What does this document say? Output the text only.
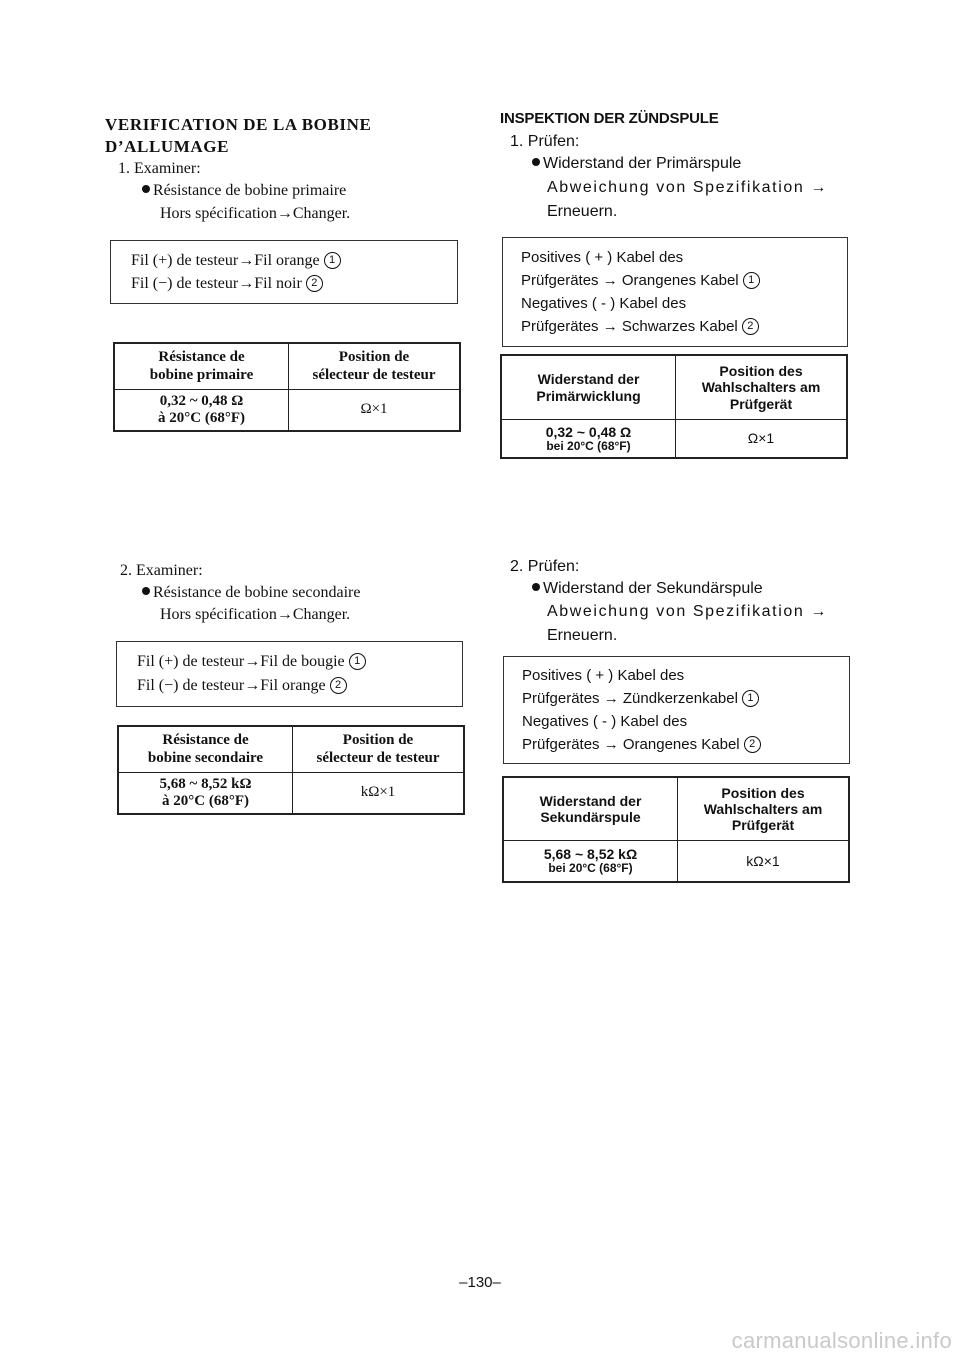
VERIFICATION DE LA BOBINE
D’ALLUMAGE
1. Examiner:
Résistance de bobine primaire
Hors spécification→Changer.
Fil (+) de testeur→Fil orange 1
Fil (−) de testeur→Fil noir 2
Résistance de
bobine primaire
Position de
sélecteur de testeur
0,32 ~ 0,48 Ω
à 20°C (68°F)
Ω×1
2. Examiner:
Résistance de bobine secondaire
Hors spécification→Changer.
Fil (+) de testeur→Fil de bougie 1
Fil (−) de testeur→Fil orange 2
Résistance de
bobine secondaire
Position de
sélecteur de testeur
5,68 ~ 8,52 kΩ
à 20°C (68°F)
kΩ×1
INSPEKTION DER ZÜNDSPULE
1. Prüfen:
Widerstand der Primärspule
Abweichung von Spezifikation →
Erneuern.
Positives ( + ) Kabel des
Prüfgerätes → Orangenes Kabel 1
Negatives ( - ) Kabel des
Prüfgerätes → Schwarzes Kabel 2
Widerstand der
Primärwicklung
Position des
Wahlschalters am
Prüfgerät
0,32 ~ 0,48 Ω
bei 20°C (68°F)	Ω×1
2. Prüfen:
Widerstand der Sekundärspule
Abweichung von Spezifikation →
Erneuern.
Positives ( + ) Kabel des
Prüfgerätes → Zündkerzenkabel 1
Negatives ( - ) Kabel des
Prüfgerätes → Orangenes Kabel 2
Widerstand der
Sekundärspule
Position des
Wahlschalters am
Prüfgerät
5,68 ~ 8,52 kΩ
bei 20°C (68°F)	kΩ×1
–130–
carmanualsonline.info
